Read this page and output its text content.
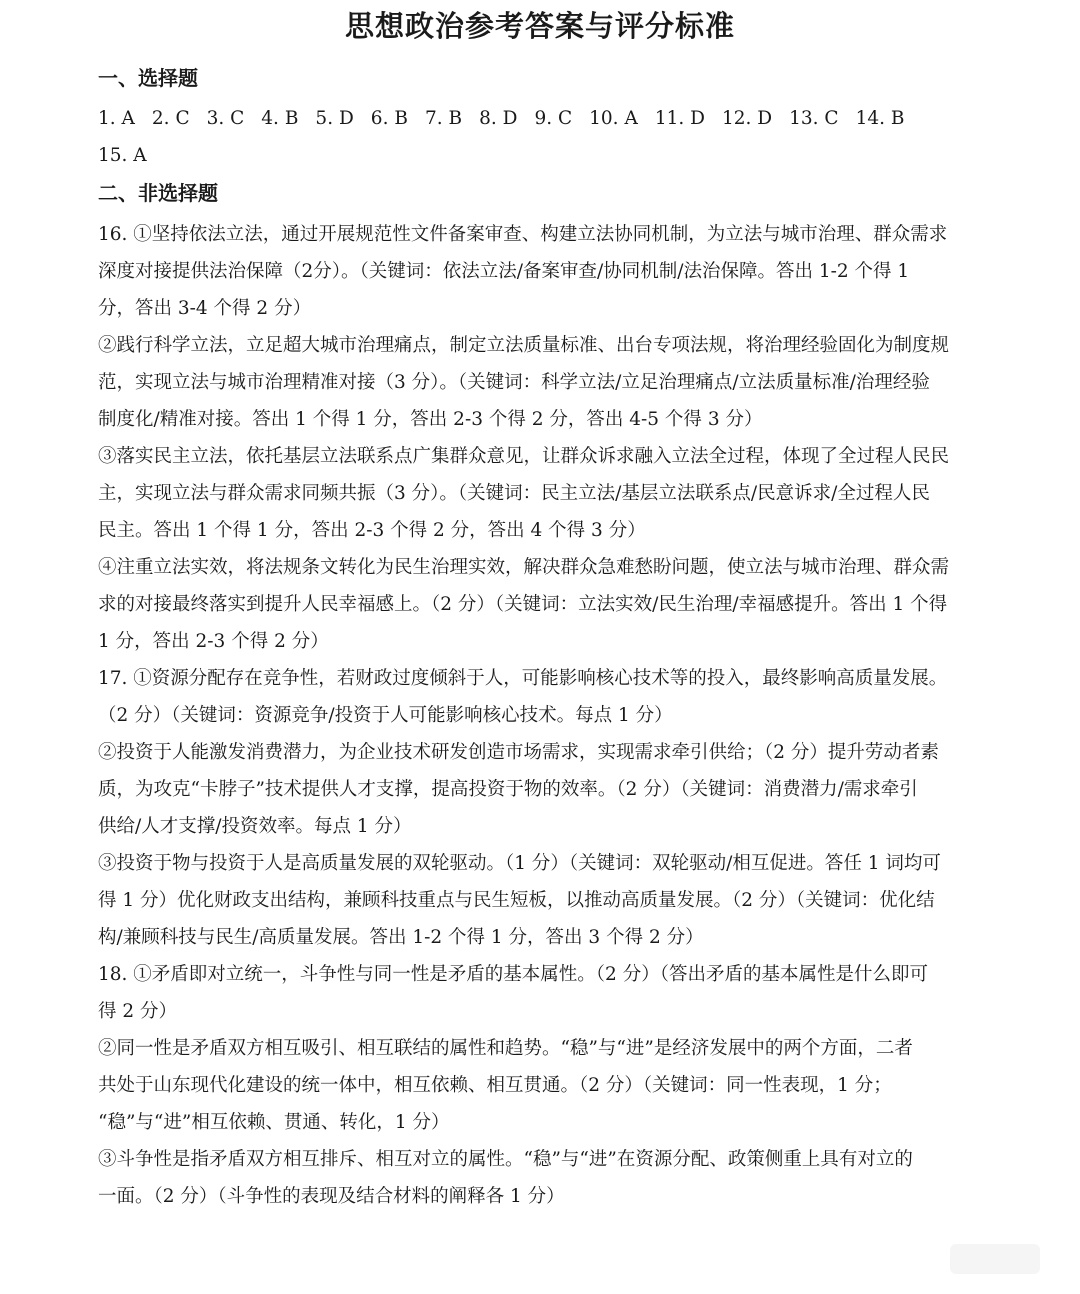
思想政治参考答案与评分标准
一、选择题
1. A 2. C 3. C 4. B 5. D 6. B 7. B 8. D 9. C 10. A 11. D 12. D 13. C 14. B
15. A
二、非选择题
16. ①坚持依法立法，通过开展规范性文件备案审查、构建立法协同机制，为立法与城市治理、群众需求
深度对接提供法治保障（2分）。（关键词：依法立法/备案审查/协同机制/法治保障。答出 1-2 个得 1
分，答出 3-4 个得 2 分）
②践行科学立法，立足超大城市治理痛点，制定立法质量标准、出台专项法规，将治理经验固化为制度规
范，实现立法与城市治理精准对接（3 分）。（关键词：科学立法/立足治理痛点/立法质量标准/治理经验
制度化/精准对接。答出 1 个得 1 分，答出 2-3 个得 2 分，答出 4-5 个得 3 分）
③落实民主立法，依托基层立法联系点广集群众意见，让群众诉求融入立法全过程，体现了全过程人民民
主，实现立法与群众需求同频共振（3 分）。（关键词：民主立法/基层立法联系点/民意诉求/全过程人民
民主。答出 1 个得 1 分，答出 2-3 个得 2 分，答出 4 个得 3 分）
④注重立法实效，将法规条文转化为民生治理实效，解决群众急难愁盼问题，使立法与城市治理、群众需
求的对接最终落实到提升人民幸福感上。（2 分）（关键词：立法实效/民生治理/幸福感提升。答出 1 个得
1 分，答出 2-3 个得 2 分）
17. ①资源分配存在竞争性，若财政过度倾斜于人，可能影响核心技术等的投入，最终影响高质量发展。
（2 分）（关键词：资源竞争/投资于人可能影响核心技术。每点 1 分）
②投资于人能激发消费潜力，为企业技术研发创造市场需求，实现需求牵引供给；（2 分）提升劳动者素
质，为攻克“卡脖子”技术提供人才支撑，提高投资于物的效率。（2 分）（关键词：消费潜力/需求牵引
供给/人才支撑/投资效率。每点 1 分）
③投资于物与投资于人是高质量发展的双轮驱动。（1 分）（关键词：双轮驱动/相互促进。答任 1 词均可
得 1 分）优化财政支出结构，兼顾科技重点与民生短板，以推动高质量发展。（2 分）（关键词：优化结
构/兼顾科技与民生/高质量发展。答出 1-2 个得 1 分，答出 3 个得 2 分）
18. ①矛盾即对立统一，斗争性与同一性是矛盾的基本属性。（2 分）（答出矛盾的基本属性是什么即可
得 2 分）
②同一性是矛盾双方相互吸引、相互联结的属性和趋势。“稳”与“进”是经济发展中的两个方面，二者
共处于山东现代化建设的统一体中，相互依赖、相互贯通。（2 分）（关键词：同一性表现，1 分；
“稳”与“进”相互依赖、贯通、转化，1 分）
③斗争性是指矛盾双方相互排斥、相互对立的属性。“稳”与“进”在资源分配、政策侧重上具有对立的
一面。（2 分）（斗争性的表现及结合材料的阐释各 1 分）
